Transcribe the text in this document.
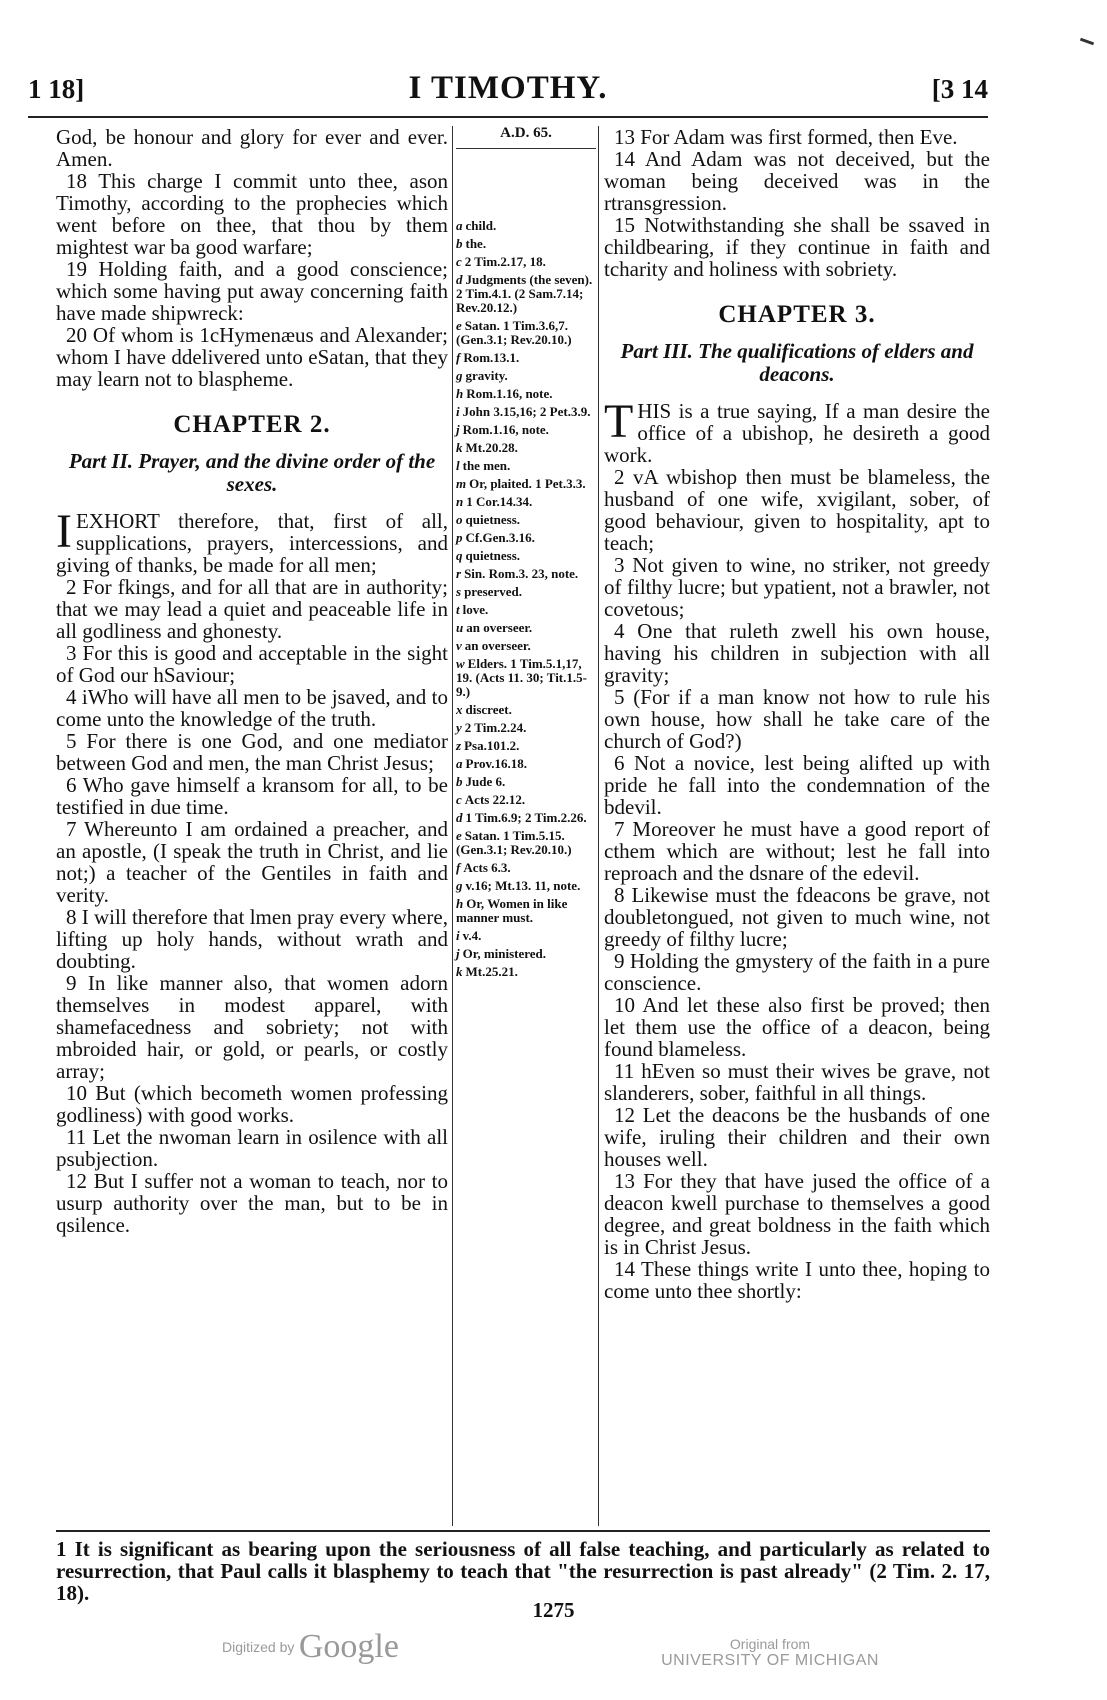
1 18]	I TIMOTHY.	[3 14

God, be honour and glory for ever and ever. Amen.

18 This charge I commit unto thee, ason Timothy, according to the prophecies which went before on thee, that thou by them mightest war ba good warfare;

19 Holding faith, and a good conscience; which some having put away concerning faith have made shipwreck:

20 Of whom is 1cHymenæus and Alexander; whom I have ddelivered unto eSatan, that they may learn not to blaspheme.

CHAPTER 2.
Part II. Prayer, and the divine order of the sexes.

IEXHORT therefore, that, first of all, supplications, prayers, intercessions, and giving of thanks, be made for all men;

2 For fkings, and for all that are in authority; that we may lead a quiet and peaceable life in all godliness and ghonesty.

3 For this is good and acceptable in the sight of God our hSaviour;

4 iWho will have all men to be jsaved, and to come unto the knowledge of the truth.

5 For there is one God, and one mediator between God and men, the man Christ Jesus;

6 Who gave himself a kransom for all, to be testified in due time.

7 Whereunto I am ordained a preacher, and an apostle, (I speak the truth in Christ, and lie not;) a teacher of the Gentiles in faith and verity.

8 I will therefore that lmen pray every where, lifting up holy hands, without wrath and doubting.

9 In like manner also, that women adorn themselves in modest apparel, with shamefacedness and sobriety; not with mbroided hair, or gold, or pearls, or costly array;

10 But (which becometh women professing godliness) with good works.

11 Let the nwoman learn in osilence with all psubjection.

12 But I suffer not a woman to teach, nor to usurp authority over the man, but to be in qsilence.

A.D. 65.
a child.
b the.
c 2 Tim.2.17, 18.
d Judgments (the seven). 2 Tim.4.1. (2 Sam.7.14; Rev.20.12.)
e Satan. 1 Tim.3.6,7. (Gen.3.1; Rev.20.10.)
f Rom.13.1.
g gravity.
h Rom.1.16, note.
i John 3.15,16; 2 Pet.3.9.
j Rom.1.16, note.
k Mt.20.28.
l the men.
m Or, plaited. 1 Pet.3.3.
n 1 Cor.14.34.
o quietness.
p Cf.Gen.3.16.
q quietness.
r Sin. Rom.3. 23, note.
s preserved.
t love.
u an overseer.
v an overseer.
w Elders. 1 Tim.5.1,17, 19. (Acts 11. 30; Tit.1.5-9.)
x discreet.
y 2 Tim.2.24.
z Psa.101.2.
a Prov.16.18.
b Jude 6.
c Acts 22.12.
d 1 Tim.6.9; 2 Tim.2.26.
e Satan. 1 Tim.5.15. (Gen.3.1; Rev.20.10.)
f Acts 6.3.
g v.16; Mt.13. 11, note.
h Or, Women in like manner must.
i v.4.
j Or, ministered.
k Mt.25.21.

13 For Adam was first formed, then Eve.

14 And Adam was not deceived, but the woman being deceived was in the rtransgression.

15 Notwithstanding she shall be ssaved in childbearing, if they continue in faith and tcharity and holiness with sobriety.

CHAPTER 3.
Part III. The qualifications of elders and deacons.

THIS is a true saying, If a man desire the office of a ubishop, he desireth a good work.

2 vA wbishop then must be blameless, the husband of one wife, xvigilant, sober, of good behaviour, given to hospitality, apt to teach;

3 Not given to wine, no striker, not greedy of filthy lucre; but ypatient, not a brawler, not covetous;

4 One that ruleth zwell his own house, having his children in subjection with all gravity;

5 (For if a man know not how to rule his own house, how shall he take care of the church of God?)

6 Not a novice, lest being alifted up with pride he fall into the condemnation of the bdevil.

7 Moreover he must have a good report of cthem which are without; lest he fall into reproach and the dsnare of the edevil.

8 Likewise must the fdeacons be grave, not doubletongued, not given to much wine, not greedy of filthy lucre;

9 Holding the gmystery of the faith in a pure conscience.

10 And let these also first be proved; then let them use the office of a deacon, being found blameless.

11 hEven so must their wives be grave, not slanderers, sober, faithful in all things.

12 Let the deacons be the husbands of one wife, iruling their children and their own houses well.

13 For they that have jused the office of a deacon kwell purchase to themselves a good degree, and great boldness in the faith which is in Christ Jesus.

14 These things write I unto thee, hoping to come unto thee shortly:

1 It is significant as bearing upon the seriousness of all false teaching, and particularly as related to resurrection, that Paul calls it blasphemy to teach that "the resurrection is past already" (2 Tim. 2. 17, 18).
1275
Digitized by Google	Original from
UNIVERSITY OF MICHIGAN
